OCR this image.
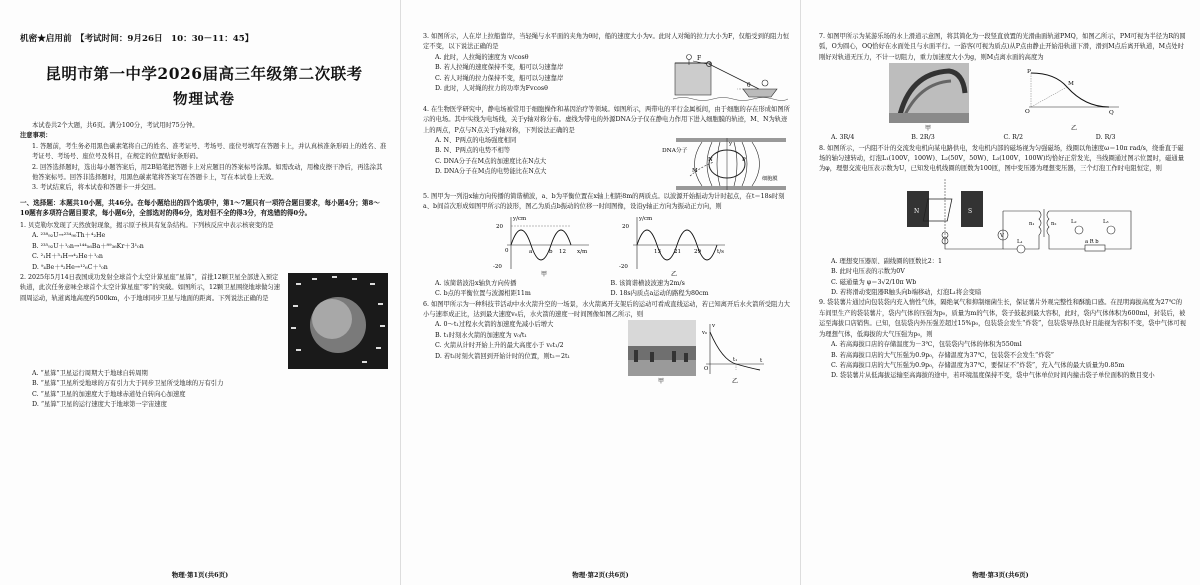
机密★启用前　【考试时间：9月26日　10：30－11：45】
昆明市第一中学2026届高三年级第二次联考
物理试卷

本试卷共2个大题，共6页。满分100分，考试用时75分钟。

注意事项：

1. 答题前，考生务必用黑色碳素笔将自己的姓名、准考证号、考场号、座位号填写在答题卡上，并认真核准条形码上的姓名、准考证号、考场号、座位号及科目，在规定的位置贴好条形码。

2. 回答选择题时，选出每小题答案后，用2B铅笔把答题卡上对应题目的答案标号涂黑。如需改动，用橡皮擦干净后，再选涂其他答案标号。回答非选择题时，用黑色碳素笔将答案写在答题卡上，写在本试卷上无效。

3. 考试结束后，将本试卷和答题卡一并交回。

一、选择题：本题共10小题，共46分。在每小题给出的四个选项中，第1～7题只有一项符合题目要求，每小题4分；第8～10题有多项符合题目要求，每小题6分，全部选对的得6分，选对但不全的得3分，有选错的得0分。

1. 贝克勒尔发现了天然放射现象，揭示原子核具有复杂结构。下列核反应中表示核衰变的是

A. ²³⁸₉₂U→²³⁴₉₀Th＋⁴₂He

B. ²³⁵₉₂U＋¹₀n→¹⁴⁴₅₆Ba＋⁸⁹₃₆Kr＋3¹₀n

C. ²₁H＋³₁H→⁴₂He＋¹₀n

D. ⁹₄Be＋⁴₂He→¹²₆C＋¹₀n

2. 2025年5月14日我国成功发射全球首个太空计算星座“星算”，首批12颗卫星全部进入预定轨道，此次任务意味全球首个太空计算星座“零”的突破。如图所示，12颗卫星围绕地球做匀速圆周运动，轨道离地高度约500km，小于地球同步卫星与地面的距离。下列说法正确的是

A. “星算”卫星运行周期大于地球自转周期

B. “星算”卫星所受地球的万有引力大于同步卫星所受地球的万有引力

C. “星算”卫星的加速度大于地球赤道处自转向心加速度

D. “星算”卫星的运行速度大于地球第一宇宙速度

物理·第1页(共6页)

3. 如图所示，人在岸上拉船靠岸，当轻绳与水平面的夹角为θ时，船的速度大小为v。此时人对绳的拉力大小为F，仅船受到的阻力恒定不变，以下说法正确的是

A. 此时，人拉绳的速度为 v/cosθ

B. 若人拉绳的速度保持不变，船可以匀速靠岸

C. 若人对绳的拉力保持不变，船可以匀速靠岸

D. 此时，人对绳的拉力的功率为Fvcosθ

F
θ

4. 在生物医学研究中，静电场被常用于细胞操作和基因治疗等领域。如图所示，两带电的平行金属板间，由于细胞的存在形成如图所示的电场。其中实线为电场线，关于y轴对称分布。虚线为带电的外源DNA分子仅在静电力作用下进入细胞膜的轨迹，M、N为轨迹上的两点，P点与N点关于y轴对称，下列说法正确的是

A. N、P两点的电场强度相同

B. N、P两点的电势不相等

C. DNA分子在M点的加速度比在N点大

D. DNA分子在M点的电势能比在N点大

DNA分子
细胞膜
y
M
N	P

5. 图甲为一列沿x轴方向传播的简谐横波，a、b为平衡位置在x轴上相距8m的两质点。以波源开始振动为计时起点，在t＝18s时刻a、b间首次形成如图甲所示的波形，图乙为质点b振动的位移一时间图像，设沿y轴正方向为振动正方向，则

y/cm
x/m
20
-20
0	a	b 12
甲
y/cm
t/s
20
-20
13 21 29
乙

A. 该简谐波沿x轴负方向传播	B. 该简谐横波波速为2m/s

C. b点的平衡位置与波源相距11m	D. 18s内质点a运动的路程为80cm

6. 如图甲所示为一种科技节活动中水火箭升空的一场景，水火箭离开支架后的运动可看成直线运动，若已知离开后水火箭所受阻力大小与速率成正比，达到最大速度v₀后，水火箭的速度一时间图像如图乙所示，则

A. 0～t₁过程水火箭的加速度先减小后增大

B. t₁时刻水火箭的加速度为 v₀/t₁

C. 火箭从计时开始上升的最大高度小于 v₀t₁/2

D. 若t₁时刻火箭回到开始计时的位置，则t₂＝2t₁

甲
v
v₀
t₁	t
O
乙
物理·第2页(共6页)

7. 如图甲所示为某游乐场的水上滑道示意图，将其简化为一段竖直放置的光滑曲面轨道PMQ，如图乙所示，PM可视为半径为R的圆弧，O为圆心，OQ恰好在水面处且与水面平行。一游客(可视为质点)从P点由静止开始沿轨道下滑，滑到M点后离开轨道，M点处时刚好对轨道无压力，不计一切阻力，重力加速度大小为g，则M点离水面的高度为

甲
P
M
O	Q
乙

A. 3R/4	B. 2R/3	C. R/2	D. R/3

8. 如图所示，一内阻不计的交流发电机向某电路供电，发电机内部的磁场视为匀强磁场，线圈以角速度ω＝10π rad/s，绕垂直于磁场的轴匀速转动，灯泡L₁(100V，100W)、L₂(50V，50W)、L₃(100V，100W)均恰好正常发光，当线圈通过图示位置时，磁通量为φ，理想交流电压表示数为U，已知发电机线圈的匝数为100匝，图中变压器为理想变压器，三个灯泡工作时电阻恒定，则

N	S
V
L₁
n₁	n₂	L₂	L₃
a R b

A. 理想变压器原、副线圈的匝数比2：1

B. 此时电压表的示数为0V

C. 磁通量为 φ＝3√2/10π Wb

D. 若将滑动变阻器R触头向b端移动，灯泡L₁将会变暗

9. 袋装薯片通过向包装袋内充入惰性气体，隔绝氧气和抑制细菌生长，保证薯片外观完整性和酥脆口感。在昆明海拔高度为27℃的车间里生产的袋装薯片，袋内气体的压强为p₀，质量为m的气体，袋子鼓起到最大容积，此时，袋内气体体积为600ml，封装后，被运至海拔口店销售。已知，包装袋内外压强差超过15%p₀，包装袋会发生“炸袋”，包装袋导热良好且能视为容积不变，袋中气体可视为理想气体，低海拔的大气压强为p₀，则

A. 若高海拔口店的存储温度为－3℃，包装袋内气体的体积为550ml

B. 若高海拔口店的大气压强为0.9p₀，存储温度为37℃，包装袋不会发生“炸袋”

C. 若高海拔口店的大气压强为0.9p₀，存储温度为37℃，要保证不“炸袋”，充入气体的最大质量为0.85m

D. 袋装薯片从低海拔运输至高海拔的途中，若环境温度保持不变，袋中气体单位时间内撞击袋子单位面积的数目变小

物理·第3页(共6页)
